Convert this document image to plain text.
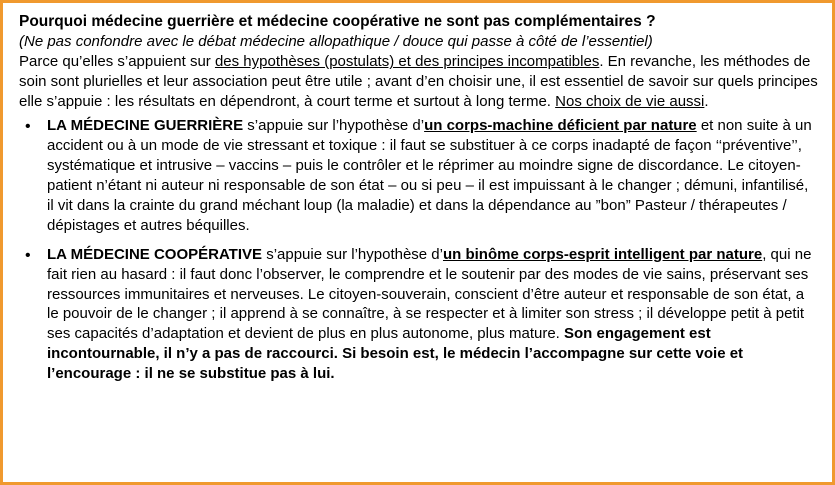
Pourquoi médecine guerrière et médecine coopérative ne sont pas complémentaires ?
(Ne pas confondre avec le débat médecine allopathique / douce qui passe à côté de l’essentiel)

Parce qu’elles s’appuient sur des hypothèses (postulats) et des principes incompatibles. En revanche, les méthodes de soin sont plurielles et leur association peut être utile ; avant d’en choisir une, il est essentiel de savoir sur quels principes elle s’appuie : les résultats en dépendront, à court terme et surtout à long terme. Nos choix de vie aussi.

• LA MÉDECINE GUERRIÈRE s’appuie sur l’hypothèse d’un corps-machine déficient par nature et non suite à un accident ou à un mode de vie stressant et toxique : il faut se substituer à ce corps inadapté de façon ‘‘préventive’’, systématique et intrusive – vaccins – puis le contrôler et le réprimer au moindre signe de discordance. Le citoyen-patient n’étant ni auteur ni responsable de son état – ou si peu – il est impuissant à le changer ; démuni, infantilisé, il vit dans la crainte du grand méchant loup (la maladie) et dans la dépendance au ”bon” Pasteur / thérapeutes / dépistages et autres béquilles.
• LA MÉDECINE COOPÉRATIVE s’appuie sur l’hypothèse d’un binôme corps-esprit intelligent par nature, qui ne fait rien au hasard : il faut donc l’observer, le comprendre et le soutenir par des modes de vie sains, préservant ses ressources immunitaires et nerveuses. Le citoyen-souverain, conscient d’être auteur et responsable de son état, a le pouvoir de le changer ; il apprend à se connaître, à se respecter et à limiter son stress ; il développe petit à petit ses capacités d’adaptation et devient de plus en plus autonome, plus mature. Son engagement est incontournable, il n’y a pas de raccourci. Si besoin est, le médecin l’accompagne sur cette voie et l’encourage : il ne se substitue pas à lui.
